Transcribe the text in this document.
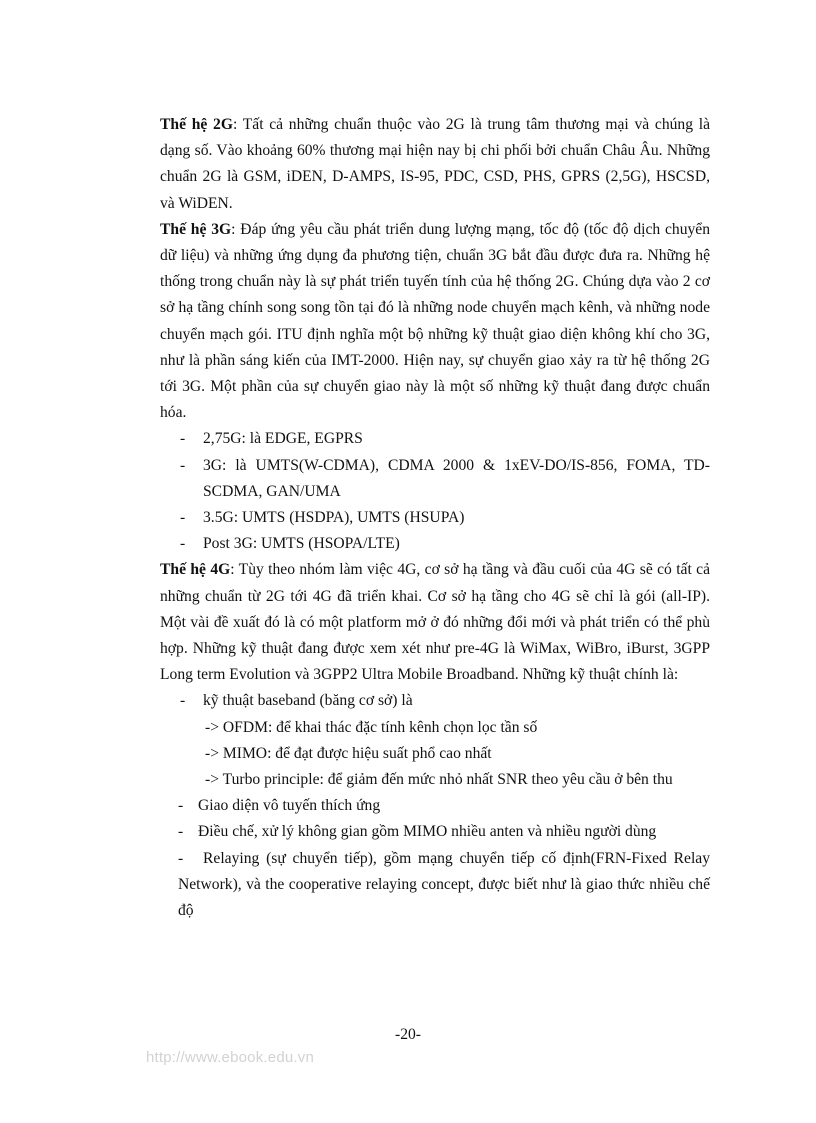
Thế hệ 2G: Tất cả những chuẩn thuộc vào 2G là trung tâm thương mại và chúng là dạng số. Vào khoảng 60% thương mại hiện nay bị chi phối bởi chuẩn Châu Âu. Những chuẩn 2G là GSM, iDEN, D-AMPS, IS-95, PDC, CSD, PHS, GPRS (2,5G), HSCSD, và WiDEN.

Thế hệ 3G: Đáp ứng yêu cầu phát triển dung lượng mạng, tốc độ (tốc độ dịch chuyển dữ liệu) và những ứng dụng đa phương tiện, chuẩn 3G bắt đầu được đưa ra. Những hệ thống trong chuẩn này là sự phát triển tuyến tính của hệ thống 2G. Chúng dựa vào 2 cơ sở hạ tầng chính song song tồn tại đó là những node chuyển mạch kênh, và những node chuyển mạch gói. ITU định nghĩa một bộ những kỹ thuật giao diện không khí cho 3G, như là phần sáng kiến của IMT-2000. Hiện nay, sự chuyển giao xảy ra từ hệ thống 2G tới 3G. Một phần của sự chuyển giao này là một số những kỹ thuật đang được chuẩn hóa.

- 2,75G: là EDGE, EGPRS
- 3G: là UMTS(W-CDMA), CDMA 2000 & 1xEV-DO/IS-856, FOMA, TD-SCDMA, GAN/UMA
- 3.5G: UMTS (HSDPA), UMTS (HSUPA)
- Post 3G: UMTS (HSOPA/LTE)

Thế hệ 4G: Tùy theo nhóm làm việc 4G, cơ sở hạ tầng và đầu cuối của 4G sẽ có tất cả những chuẩn từ 2G tới 4G đã triển khai. Cơ sở hạ tầng cho 4G sẽ chỉ là gói (all-IP). Một vài đề xuất đó là có một platform mở ở đó những đổi mới và phát triển có thể phù hợp. Những kỹ thuật đang được xem xét như pre-4G là WiMax, WiBro, iBurst, 3GPP Long term Evolution và 3GPP2 Ultra Mobile Broadband. Những kỹ thuật chính là:

- kỹ thuật baseband (băng cơ sở) là
-> OFDM: để khai thác đặc tính kênh chọn lọc tần số
-> MIMO: để đạt được hiệu suất phổ cao nhất
-> Turbo principle: để giảm đến mức nhỏ nhất SNR theo yêu cầu ở bên thu
- Giao diện vô tuyến thích ứng
- Điều chế, xử lý không gian gồm MIMO nhiều anten và nhiều người dùng
- Relaying (sự chuyển tiếp), gồm mạng chuyển tiếp cố định(FRN-Fixed Relay Network), và the cooperative relaying concept, được biết như là giao thức nhiều chế độ
-20-
http://www.ebook.edu.vn
